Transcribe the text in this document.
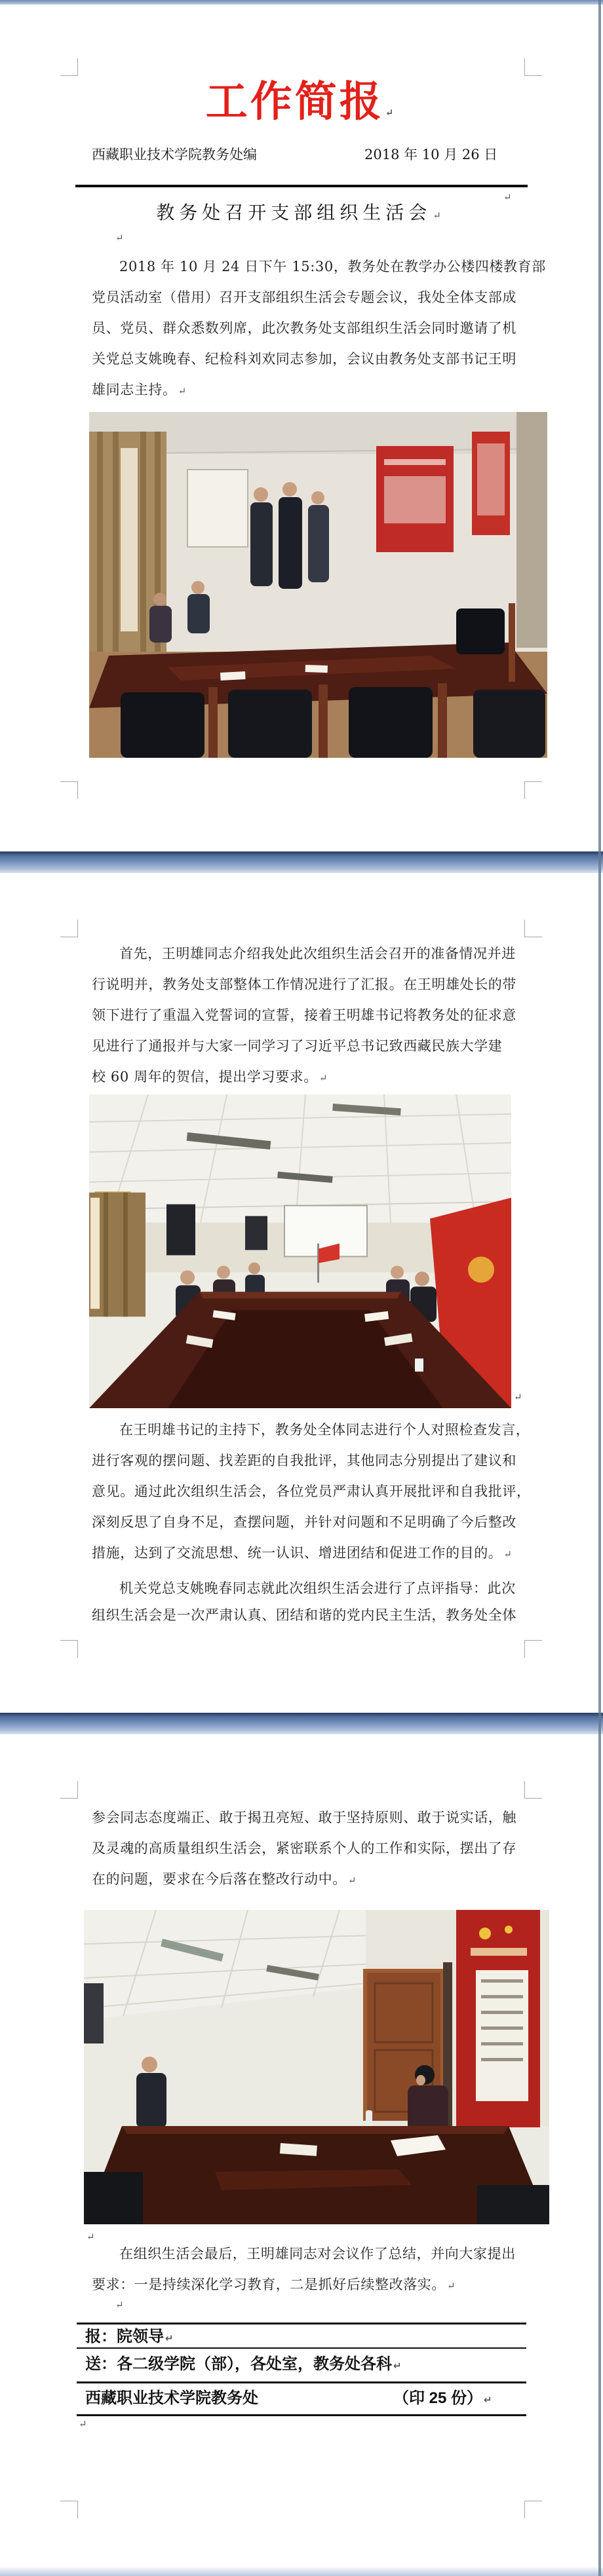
工作简报 ↵
西藏职业技术学院教务处编	2018 年 10 月 26 日
↵
教务处召开支部组织生活会 ↵
↵
2018 年 10 月 24 日下午 15:30，教务处在教学办公楼四楼教育部
党员活动室（借用）召开支部组织生活会专题会议，我处全体支部成
员、党员、群众悉数列席，此次教务处支部组织生活会同时邀请了机
关党总支姚晚春、纪检科刘欢同志参加，会议由教务处支部书记王明
雄同志主持。 ↵
首先，王明雄同志介绍我处此次组织生活会召开的准备情况并进
行说明并，教务处支部整体工作情况进行了汇报。在王明雄处长的带
领下进行了重温入党誓词的宣誓，接着王明雄书记将教务处的征求意
见进行了通报并与大家一同学习了习近平总书记致西藏民族大学建
校 60 周年的贺信，提出学习要求。 ↵
↵
在王明雄书记的主持下，教务处全体同志进行个人对照检查发言，
进行客观的摆问题、找差距的自我批评，其他同志分别提出了建议和
意见。通过此次组织生活会，各位党员严肃认真开展批评和自我批评，
深刻反思了自身不足，查摆问题，并针对问题和不足明确了今后整改
措施，达到了交流思想、统一认识、增进团结和促进工作的目的。 ↵
机关党总支姚晚春同志就此次组织生活会进行了点评指导：此次
组织生活会是一次严肃认真、团结和谐的党内民主生活，教务处全体
参会同志态度端正、敢于揭丑亮短、敢于坚持原则、敢于说实话，触
及灵魂的高质量组织生活会，紧密联系个人的工作和实际，摆出了存
在的问题，要求在今后落在整改行动中。 ↵
↵
在组织生活会最后，王明雄同志对会议作了总结，并向大家提出
要求：一是持续深化学习教育，二是抓好后续整改落实。 ↵
↵
报：院领导 ↵
送：各二级学院（部），各处室，教务处各科 ↵
西藏职业技术学院教务处	（印 25 份） ↵
↵
